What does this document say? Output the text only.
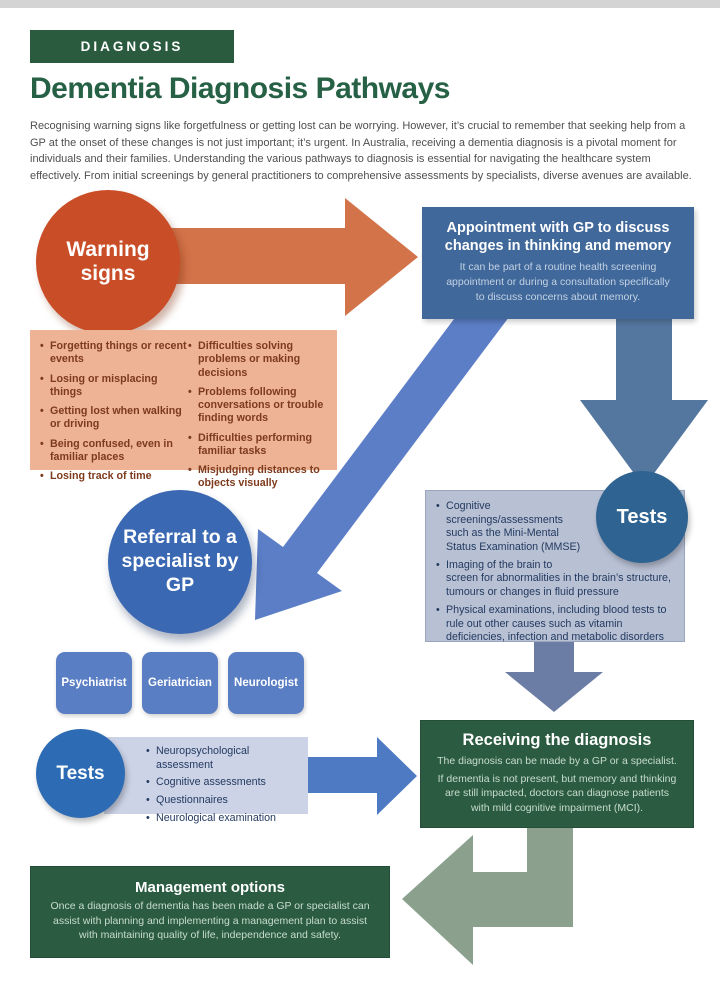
DIAGNOSIS
Dementia Diagnosis Pathways
Recognising warning signs like forgetfulness or getting lost can be worrying. However, it’s crucial to remember that seeking help from a GP at the onset of these changes is not just important; it’s urgent. In Australia, receiving a dementia diagnosis is a pivotal moment for individuals and their families. Understanding the various pathways to diagnosis is essential for navigating the healthcare system effectively. From initial screenings by general practitioners to comprehensive assessments by specialists, diverse avenues are available.
Warning signs
Appointment with GP to discuss changes in thinking and memory
It can be part of a routine health screening appointment or during a consultation specifically to discuss concerns about memory.
• Forgetting things or recent events
• Losing or misplacing things
• Getting lost when walking or driving
• Being confused, even in familiar places
• Losing track of time
• Difficulties solving problems or making decisions
• Problems following conversations or trouble finding words
• Difficulties performing familiar tasks
• Misjudging distances to objects visually
• Cognitive screenings/assessments such as the Mini-Mental Status Examination (MMSE)
• Imaging of the brain to screen for abnormalities in the brain’s structure, tumours or changes in fluid pressure
• Physical examinations, including blood tests to rule out other causes such as vitamin deficiencies, infection and metabolic disorders
Tests
Referral to a specialist by GP
Psychiatrist	Geriatrician	Neurologist
• Neuropsychological assessment
• Cognitive assessments
• Questionnaires
• Neurological examination
Tests
Receiving the diagnosis

The diagnosis can be made by a GP or a specialist.

If dementia is not present, but memory and thinking are still impacted, doctors can diagnose patients with mild cognitive impairment (MCI).

Management options
Once a diagnosis of dementia has been made a GP or specialist can assist with planning and implementing a management plan to assist with maintaining quality of life, independence and safety.
